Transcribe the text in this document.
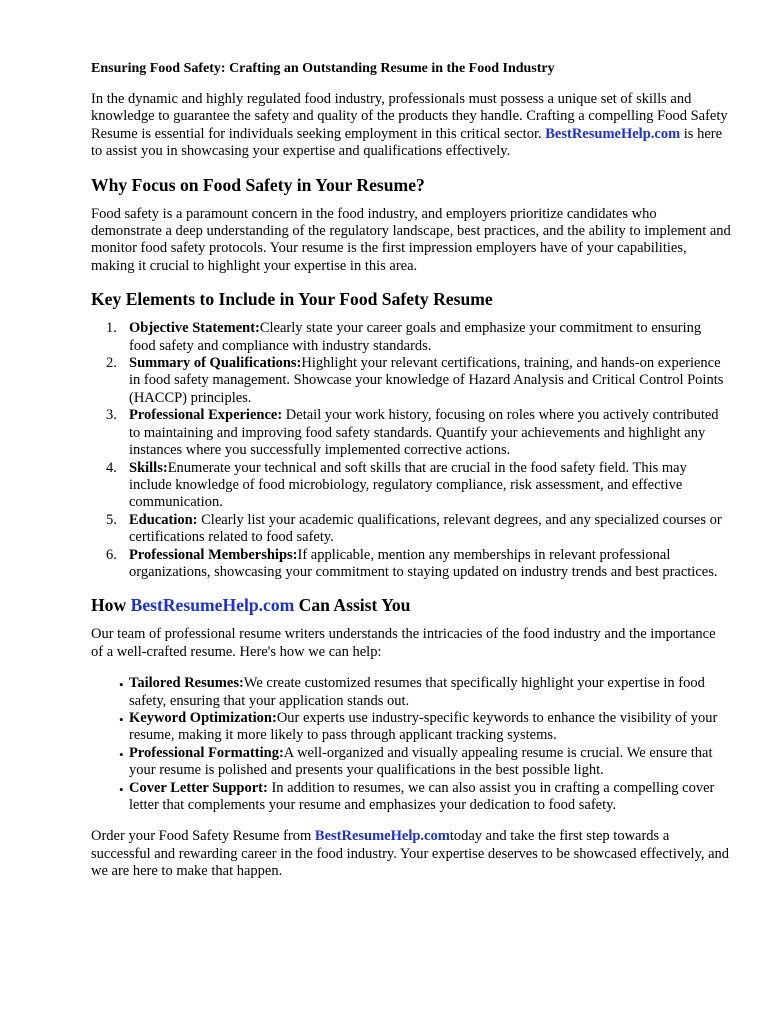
Ensuring Food Safety: Crafting an Outstanding Resume in the Food Industry

In the dynamic and highly regulated food industry, professionals must possess a unique set of skills and knowledge to guarantee the safety and quality of the products they handle. Crafting a compelling Food Safety Resume is essential for individuals seeking employment in this critical sector. BestResumeHelp.com is here to assist you in showcasing your expertise and qualifications effectively.

Why Focus on Food Safety in Your Resume?

Food safety is a paramount concern in the food industry, and employers prioritize candidates who demonstrate a deep understanding of the regulatory landscape, best practices, and the ability to implement and monitor food safety protocols. Your resume is the first impression employers have of your capabilities, making it crucial to highlight your expertise in this area.

Key Elements to Include in Your Food Safety Resume
1. Objective Statement:Clearly state your career goals and emphasize your commitment to ensuring food safety and compliance with industry standards.
2. Summary of Qualifications:Highlight your relevant certifications, training, and hands-on experience in food safety management. Showcase your knowledge of Hazard Analysis and Critical Control Points (HACCP) principles.
3. Professional Experience: Detail your work history, focusing on roles where you actively contributed to maintaining and improving food safety standards. Quantify your achievements and highlight any instances where you successfully implemented corrective actions.
4. Skills:Enumerate your technical and soft skills that are crucial in the food safety field. This may include knowledge of food microbiology, regulatory compliance, risk assessment, and effective communication.
5. Education: Clearly list your academic qualifications, relevant degrees, and any specialized courses or certifications related to food safety.
6. Professional Memberships:If applicable, mention any memberships in relevant professional organizations, showcasing your commitment to staying updated on industry trends and best practices.
How BestResumeHelp.com Can Assist You

Our team of professional resume writers understands the intricacies of the food industry and the importance of a well-crafted resume. Here's how we can help:

• Tailored Resumes:We create customized resumes that specifically highlight your expertise in food safety, ensuring that your application stands out.
• Keyword Optimization:Our experts use industry-specific keywords to enhance the visibility of your resume, making it more likely to pass through applicant tracking systems.
• Professional Formatting:A well-organized and visually appealing resume is crucial. We ensure that your resume is polished and presents your qualifications in the best possible light.
• Cover Letter Support: In addition to resumes, we can also assist you in crafting a compelling cover letter that complements your resume and emphasizes your dedication to food safety.

Order your Food Safety Resume from BestResumeHelp.comtoday and take the first step towards a successful and rewarding career in the food industry. Your expertise deserves to be showcased effectively, and we are here to make that happen.
